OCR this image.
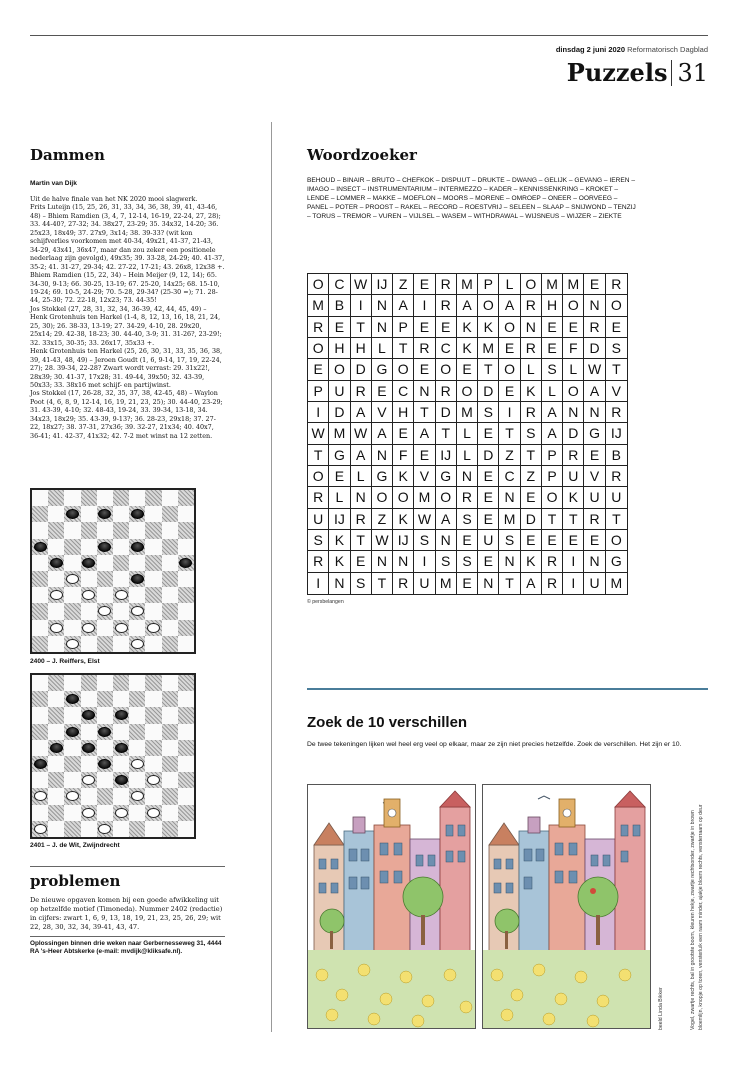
dinsdag 2 juni 2020 Reformatorisch Dagblad
Puzzels 31
Dammen
Martin van Dijk
Uit de halve finale van het NK 2020 mooi slagwerk.
Frits Luteijn (15, 25, 26, 31, 33, 34, 36, 38, 39, 41, 43-46, 48) – Bhiem Ramdien (3, 4, 7, 12-14, 16-19, 22-24, 27, 28); 33. 44-40?, 27-32; 34. 38x27, 23-29; 35. 34x32, 14-20; 36. 25x23, 18x49; 37. 27x9, 3x14; 38. 39-33? (wit kon schijfverlies voorkomen met 40-34, 49x21, 41-37, 21-43, 34-29, 43x41, 36x47, maar dan zou zeker een positionele nederlaag zijn gevolgd), 49x35; 39. 33-28, 24-29; 40. 41-37, 35-2; 41. 31-27, 29-34; 42. 27-22, 17-21; 43. 26x8, 12x38 +.
Bhiem Ramdien (15, 22, 34) – Hein Meijer (9, 12, 14); 65. 34-30, 9-13; 66. 30-25, 13-19; 67. 25-20, 14x25; 68. 15-10, 19-24; 69. 10-5, 24-29; 70. 5-28, 29-34? (25-30 =); 71. 28-44, 25-30; 72. 22-18, 12x23; 73. 44-35!
Jos Stokkel (27, 28, 31, 32, 34, 36-39, 42, 44, 45, 49) – Henk Grotenhuis ten Harkel (1-4, 8, 12, 13, 16, 18, 21, 24, 25, 30); 26. 38-33, 13-19; 27. 34-29, 4-10, 28. 29x20, 25x14; 29. 42-38, 18-23; 30. 44-40, 3-9; 31. 31-26?, 23-29!; 32. 33x15, 30-35; 33. 26x17, 35x33 +.
Henk Grotenhuis ten Harkel (25, 26, 30, 31, 33, 35, 36, 38, 39, 41-43, 48, 49) – Jeroen Goudt (1, 6, 9-14, 17, 19, 22-24, 27); 28. 39-34, 22-28? Zwart wordt verrast: 29. 31x22!, 28x39; 30. 41-37, 17x28; 31. 49-44, 39x50; 32. 43-39, 50x33; 33. 38x16 met schijf- en partijwinst.
Jos Stokkel (17, 26-28, 32, 35, 37, 38, 42-45, 48) – Waylon Poot (4, 6, 8, 9, 12-14, 16, 19, 21, 23, 25); 30. 44-40, 23-29; 31. 43-39, 4-10; 32. 48-43, 19-24, 33. 39-34, 13-18, 34. 34x23, 18x29; 35. 43-39, 9-13?; 36. 28-23, 29x18; 37. 27-22, 18x27; 38. 37-31, 27x36; 39. 32-27, 21x34; 40. 40x7, 36-41; 41. 42-37, 41x32; 42. 7-2 met winst na 12 zetten.
2400 – J. Reiffers, Elst
2401 – J. de Wit, Zwijndrecht
problemen
De nieuwe opgaven komen bij een goede afwikkeling uit op hetzelfde motief (Timoneda). Nummer 2402 (redactie) in cijfers: zwart 1, 6, 9, 13, 18, 19, 21, 23, 25, 26, 29; wit 22, 28, 30, 32, 34, 39-41, 43, 47.
Oplossingen binnen drie weken naar Gerbernesseweg 31, 4444 RA 's-Heer Abtskerke (e-mail: mvdijk@kliksafe.nl).
Woordzoeker
BEHOUD – BINAIR – BRUTO – CHEFKOK – DISPUUT – DRUKTE – DWANG – GELIJK – GEVANG – IEREN – IMAGO – INSECT – INSTRUMENTARIUM – INTERMEZZO – KADER – KENNISSENKRING – KROKET – LENDE – LOMMER – MAKKE – MOEFLON – MOORS – MORENE – OMROEP – ONEER – OORVEEG – PANEL – POTER – PROOST – RAKEL – RECORD – ROESTVRIJ – SELEEN – SLAAP – SNIJWOND – TENZIJ – TORUS – TREMOR – VUREN – VIJLSEL – WASEM – WITHDRAWAL – WIJSNEUS – WIJZER – ZIEKTE
O C W IJ Z E R M P L O M M E R
M B	I	N A	I	R A O A R H O N O
R E T N P E E K K O N E E R E
O H H L T R C K M E R E F D S
E O D G O E O E T O L S L W T
P U R E C N R O D E K L O A V
I	D A V H T D M S	I	R A N N R
W M W A E A T L E T S A D G IJ
T G A N F E IJ L D Z T P R E B
O E L G K V G N E C Z P U V R
R L N O O M O R E N E O K U U
U IJ R Z K W A S E M D T T R T
S K T W IJ S N E U S E E E E O
R K E N N	I	S S E N K R	I	N G
I	N S T R U M E N T A R	I	U M
© persbelangen
Zoek de 10 verschillen
De twee tekeningen lijken wel heel erg veel op elkaar, maar ze zijn niet precies hetzelfde. Zoek de verschillen. Het zijn er 10.
beeld Linda Bikker	Vogel, zwartje rechts, bal in grootste boom, kleuren hekje, zwartje rechtsonder, zwartje in brown bloemlijn, knopje op toren, vensterluik een raam minder, ajakje bloem rechts, vensterraam op deur
